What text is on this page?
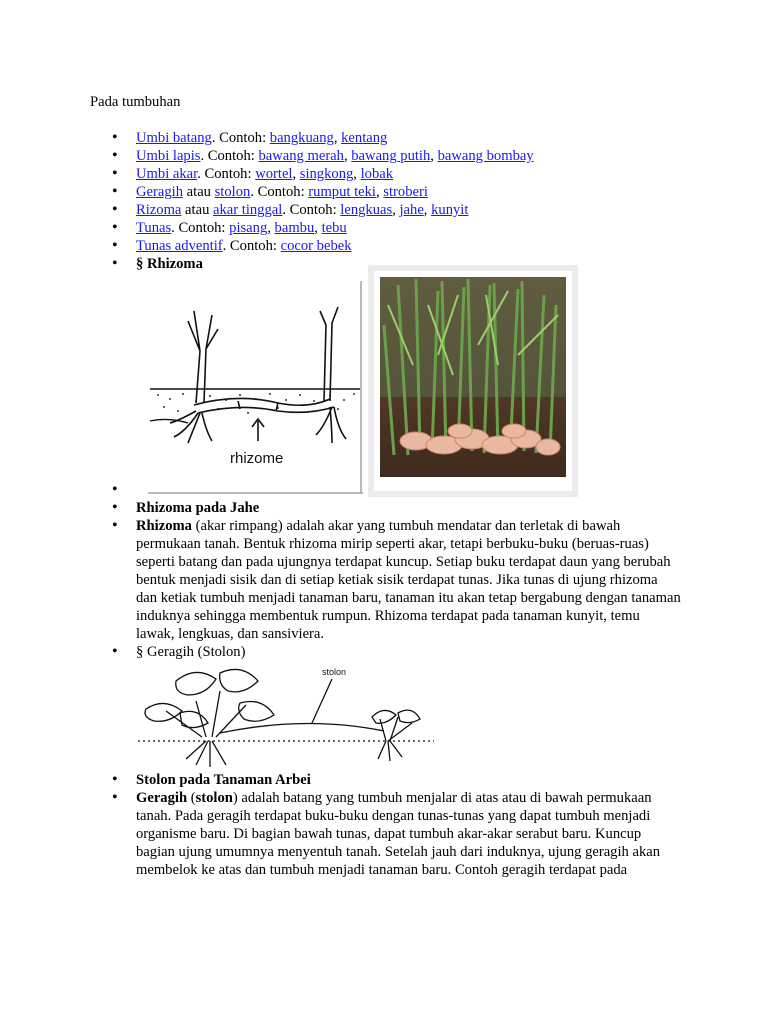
Pada tumbuhan

• Umbi batang. Contoh: bangkuang, kentang
• Umbi lapis. Contoh: bawang merah, bawang putih, bawang bombay
• Umbi akar. Contoh: wortel, singkong, lobak
• Geragih atau stolon. Contoh: rumput teki, stroberi
• Rizoma atau akar tinggal. Contoh: lengkuas, jahe, kunyit
• Tunas. Contoh: pisang, bambu, tebu
• Tunas adventif. Contoh: cocor bebek
• § Rhizoma
• rhizome
• Rhizoma pada Jahe
• Rhizoma (akar rimpang) adalah akar yang tumbuh mendatar dan terletak di bawah permukaan tanah. Bentuk rhizoma mirip seperti akar, tetapi berbuku-buku (beruas-ruas) seperti batang dan pada ujungnya terdapat kuncup. Setiap buku terdapat daun yang berubah bentuk menjadi sisik dan di setiap ketiak sisik terdapat tunas. Jika tunas di ujung rhizoma dan ketiak tumbuh menjadi tanaman baru, tanaman itu akan tetap bergabung dengan tanaman induknya sehingga membentuk rumpun. Rhizoma terdapat pada tanaman kunyit, temu lawak, lengkuas, dan sansiviera.
• § Geragih (Stolon)
stolon
• Stolon pada Tanaman Arbei
• Geragih (stolon) adalah batang yang tumbuh menjalar di atas atau di bawah permukaan tanah. Pada geragih terdapat buku-buku dengan tunas-tunas yang dapat tumbuh menjadi organisme baru. Di bagian bawah tunas, dapat tumbuh akar-akar serabut baru. Kuncup bagian ujung umumnya menyentuh tanah. Setelah jauh dari induknya, ujung geragih akan membelok ke atas dan tumbuh menjadi tanaman baru. Contoh geragih terdapat pada
